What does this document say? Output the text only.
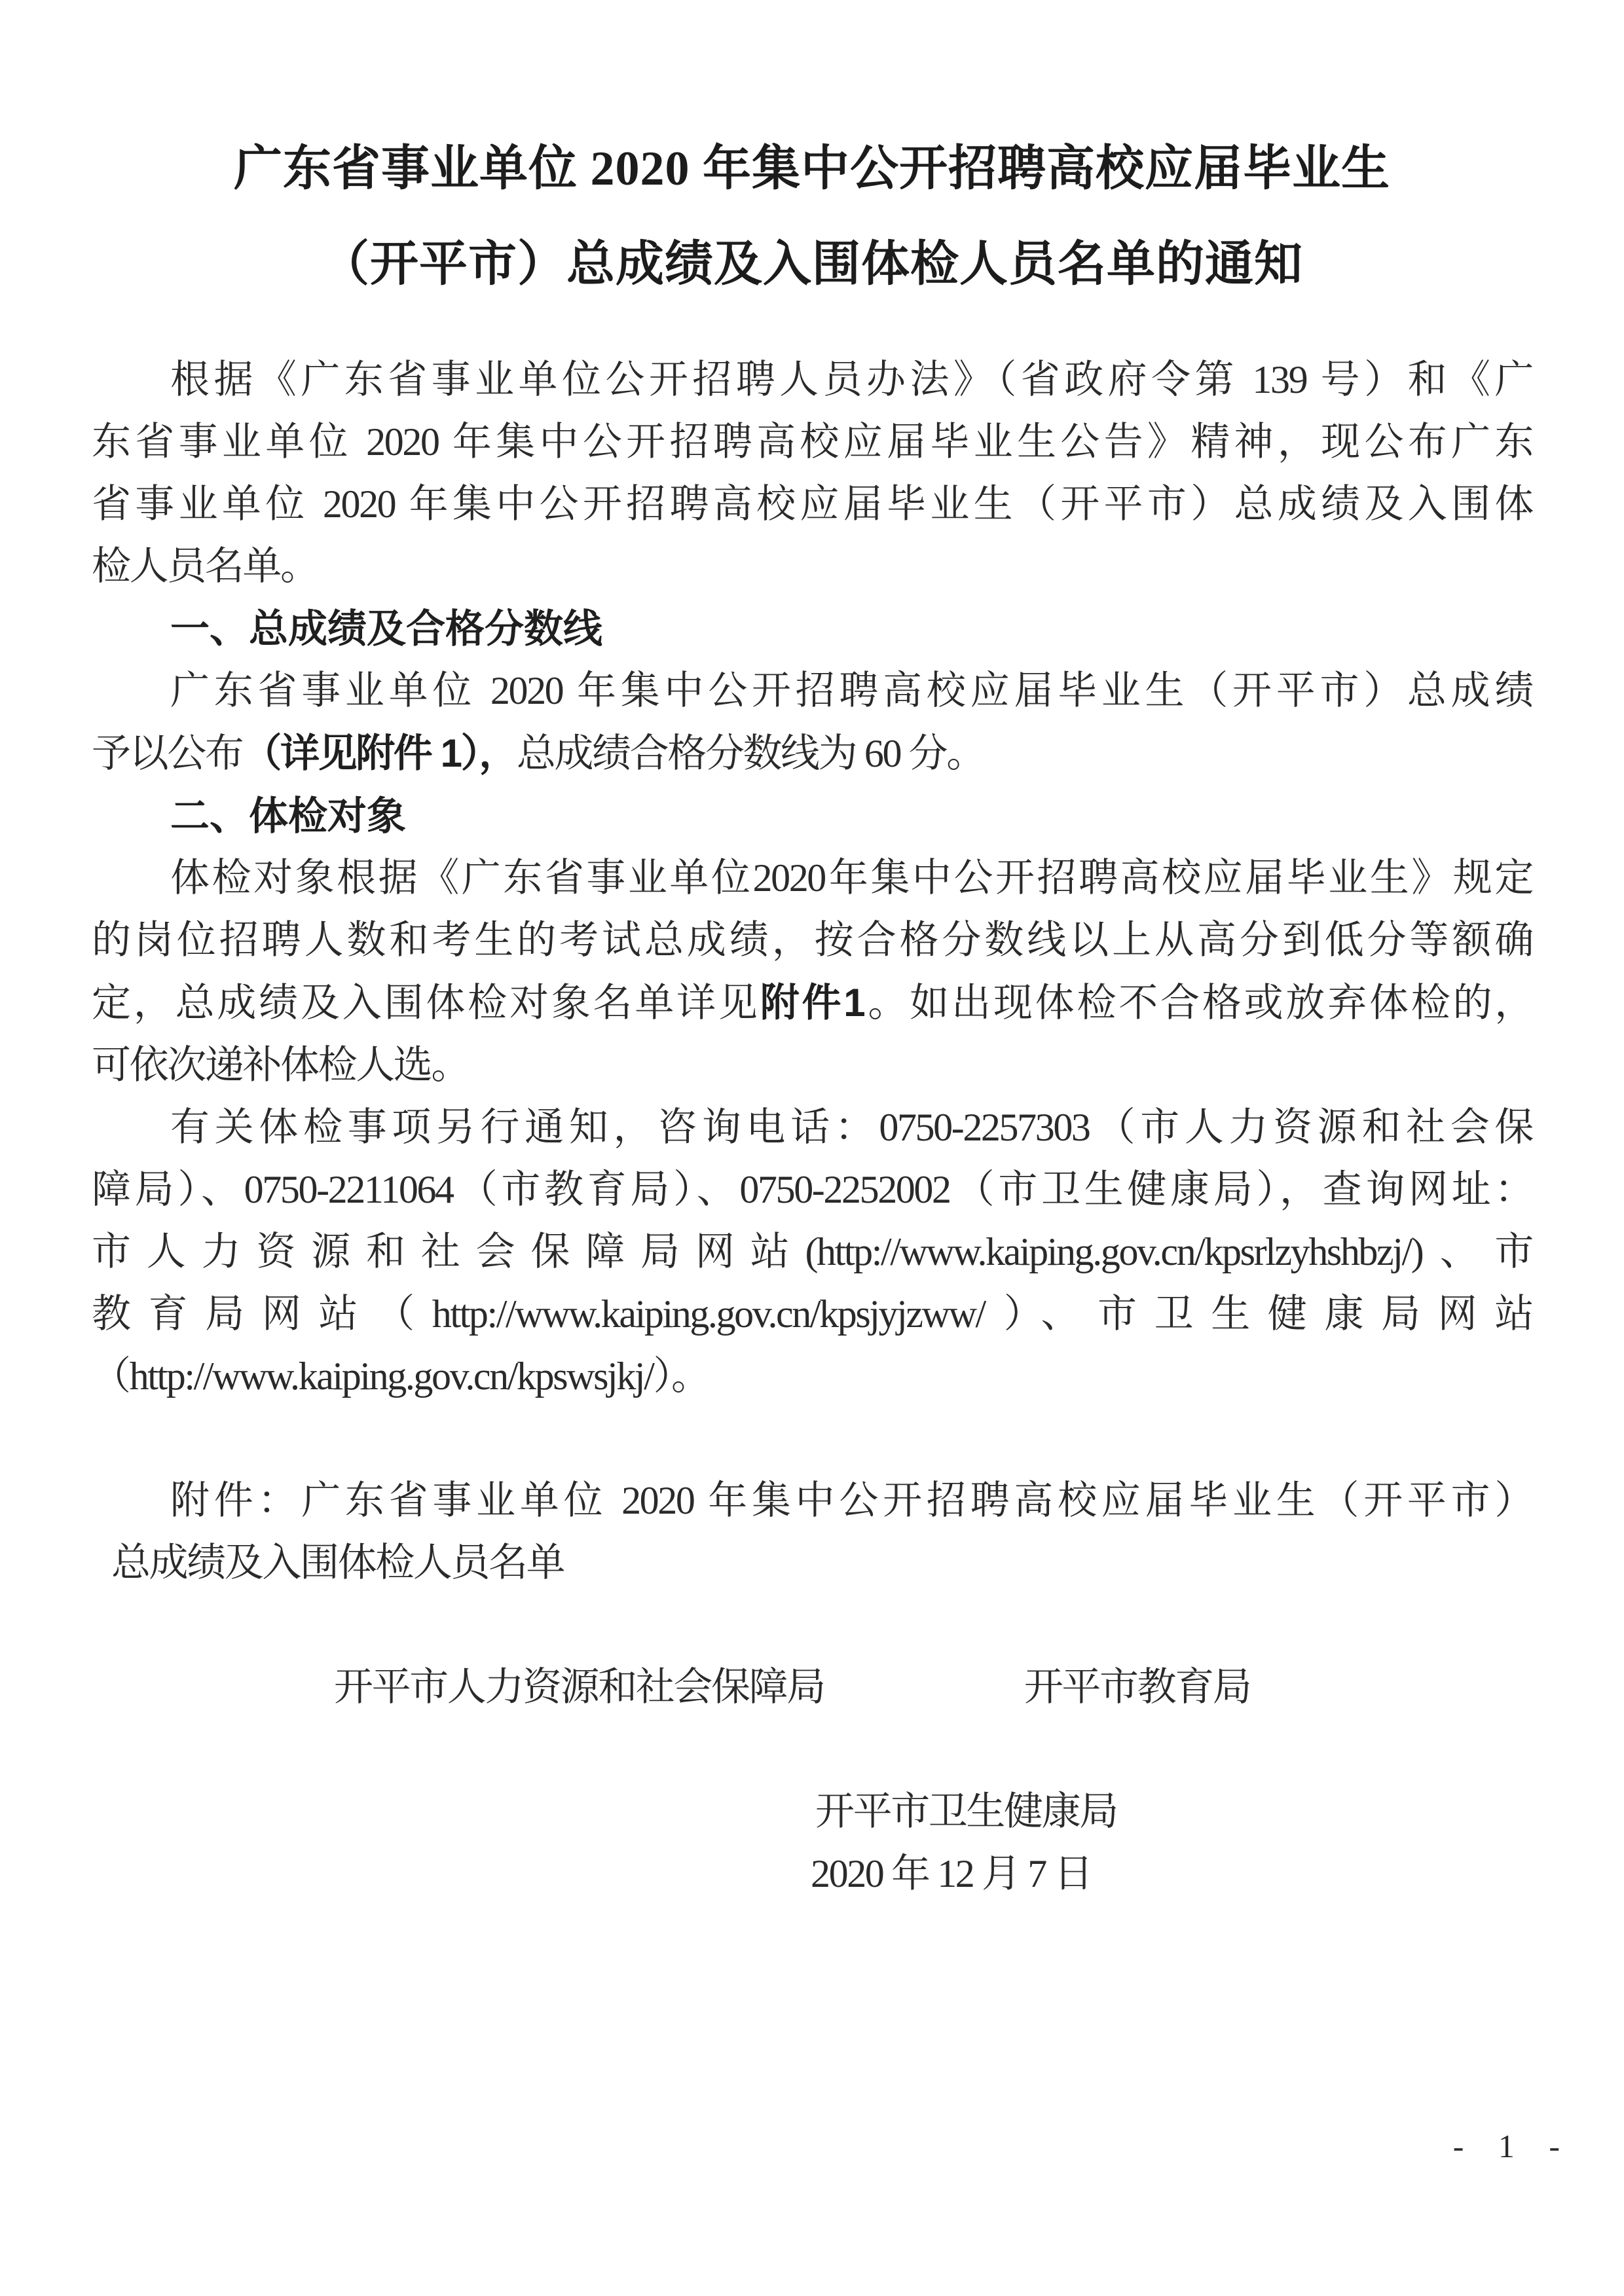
广东省事业单位 2020 年集中公开招聘高校应届毕业生
（开平市）总成绩及入围体检人员名单的通知
根据《广东省事业单位公开招聘人员办法》（省政府令第 139 号）和《广
东省事业单位 2020 年集中公开招聘高校应届毕业生公告》精神，现公布广东
省事业单位 2020 年集中公开招聘高校应届毕业生（开平市）总成绩及入围体
检人员名单。
一、总成绩及合格分数线
广东省事业单位 2020 年集中公开招聘高校应届毕业生（开平市）总成绩
予以公布（详见附件 1），总成绩合格分数线为 60 分。
二、体检对象
体检对象根据《广东省事业单位2020年集中公开招聘高校应届毕业生》规定
的岗位招聘人数和考生的考试总成绩，按合格分数线以上从高分到低分等额确
定，总成绩及入围体检对象名单详见附件1。如出现体检不合格或放弃体检的，
可依次递补体检人选。
有关体检事项另行通知，咨询电话：0750-2257303（市人力资源和社会保
障局）、0750-2211064（市教育局）、0750-2252002（市卫生健康局），查询网址：
市人力资源和社会保障局网站(http://www.kaiping.gov.cn/kpsrlzyhshbzj/)、市
教育局网站（http://www.kaiping.gov.cn/kpsjyjzww/）、市卫生健康局网站
（http://www.kaiping.gov.cn/kpswsjkj/）。
附件：广东省事业单位 2020 年集中公开招聘高校应届毕业生（开平市）
总成绩及入围体检人员名单
开平市人力资源和社会保障局	开平市教育局
开平市卫生健康局
2020 年 12 月 7 日
- 1 -
